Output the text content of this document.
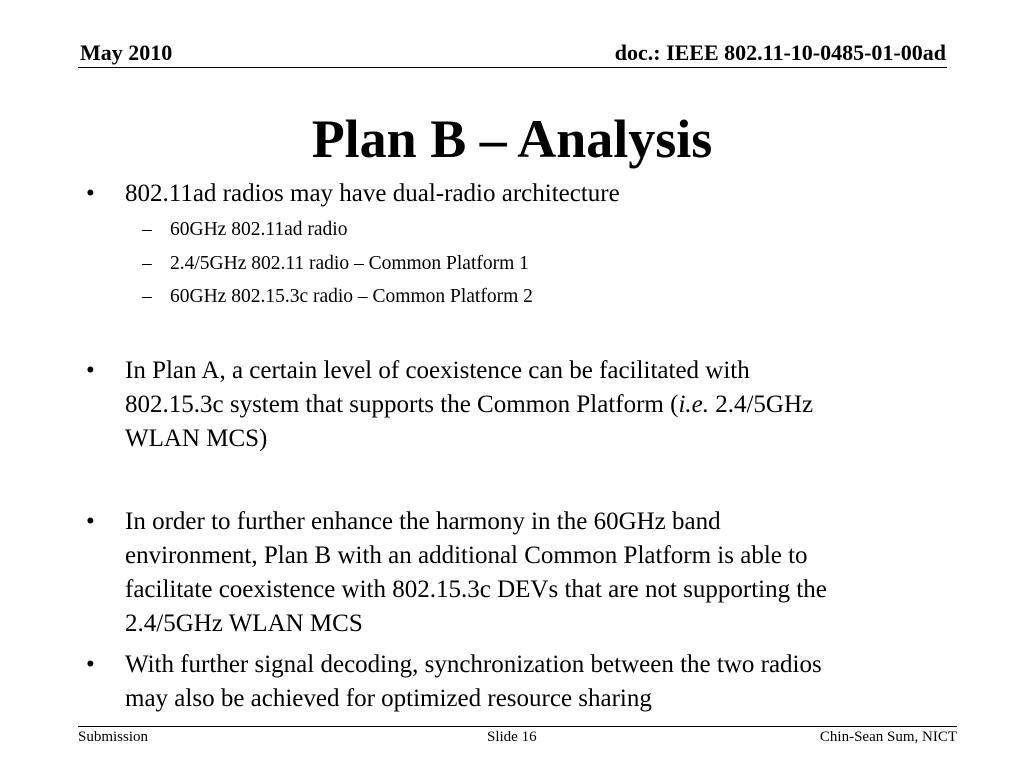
May 2010	doc.: IEEE 802.11-10-0485-01-00ad
Plan B – Analysis
•	802.11ad radios may have dual-radio architecture
– 60GHz 802.11ad radio
– 2.4/5GHz 802.11 radio – Common Platform 1
– 60GHz 802.15.3c radio – Common Platform 2
•	In Plan A, a certain level of coexistence can be facilitated with
802.15.3c system that supports the Common Platform (i.e. 2.4/5GHz
WLAN MCS)
•	In order to further enhance the harmony in the 60GHz band
environment, Plan B with an additional Common Platform is able to
facilitate coexistence with 802.15.3c DEVs that are not supporting the
2.4/5GHz WLAN MCS
•	With further signal decoding, synchronization between the two radios
may also be achieved for optimized resource sharing
Submission	Slide 16	Chin-Sean Sum, NICT
